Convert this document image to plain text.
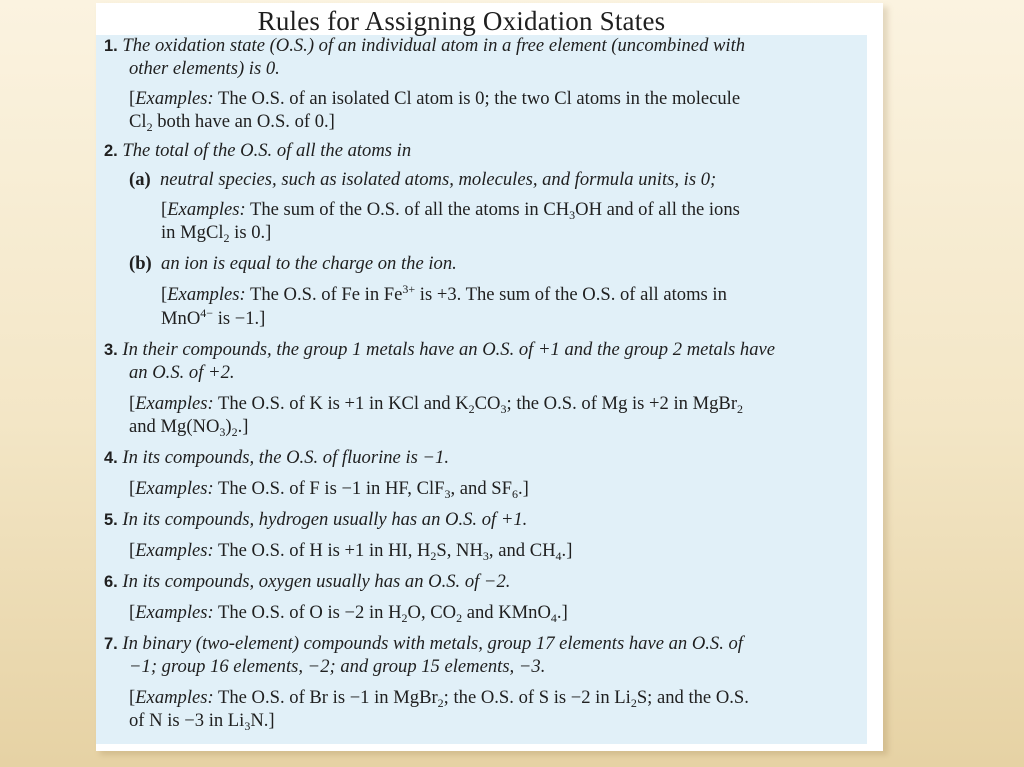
Rules for Assigning Oxidation States
1. The oxidation state (O.S.) of an individual atom in a free element (uncombined with
other elements) is 0.
[Examples: The O.S. of an isolated Cl atom is 0; the two Cl atoms in the molecule
$Cl_2$ both have an O.S. of 0.]
2. The total of the O.S. of all the atoms in
(a) neutral species, such as isolated atoms, molecules, and formula units, is 0;
[Examples: The sum of the O.S. of all the atoms in $CH_3OH$ and of all the ions
in MgCl$_2$ is 0.]
(b) an ion is equal to the charge on the ion.
[Examples: The O.S. of Fe in $Fe^{3+}$ is +3. The sum of the O.S. of all atoms in
MnO$^{4-}$ is −1.]
3. In their compounds, the group 1 metals have an O.S. of +1 and the group 2 metals have
an O.S. of +2.
[Examples: The O.S. of K is +1 in KCl and $K_2CO_3$; the O.S. of Mg is +2 in MgBr$_2$
and $Mg(NO_3)_2$.]
4. In its compounds, the O.S. of fluorine is −1.
[Examples: The O.S. of F is −1 in HF, ClF$_3$, and $SF_6$.]
5. In its compounds, hydrogen usually has an O.S. of +1.
[Examples: The O.S. of H is +1 in HI, $H_2S$, $NH_3$, and $CH_4$.]
6. In its compounds, oxygen usually has an O.S. of −2.
[Examples: The O.S. of O is −2 in $H_2O$, $CO_2$ and KMnO$_4$.]
7. In binary (two-element) compounds with metals, group 17 elements have an O.S. of
−1; group 16 elements, −2; and group 15 elements, −3.
[Examples: The O.S. of Br is −1 in MgBr$_2$; the O.S. of S is −2 in $Li_2S$; and the O.S.
of N is −3 in $Li_3N$.]
